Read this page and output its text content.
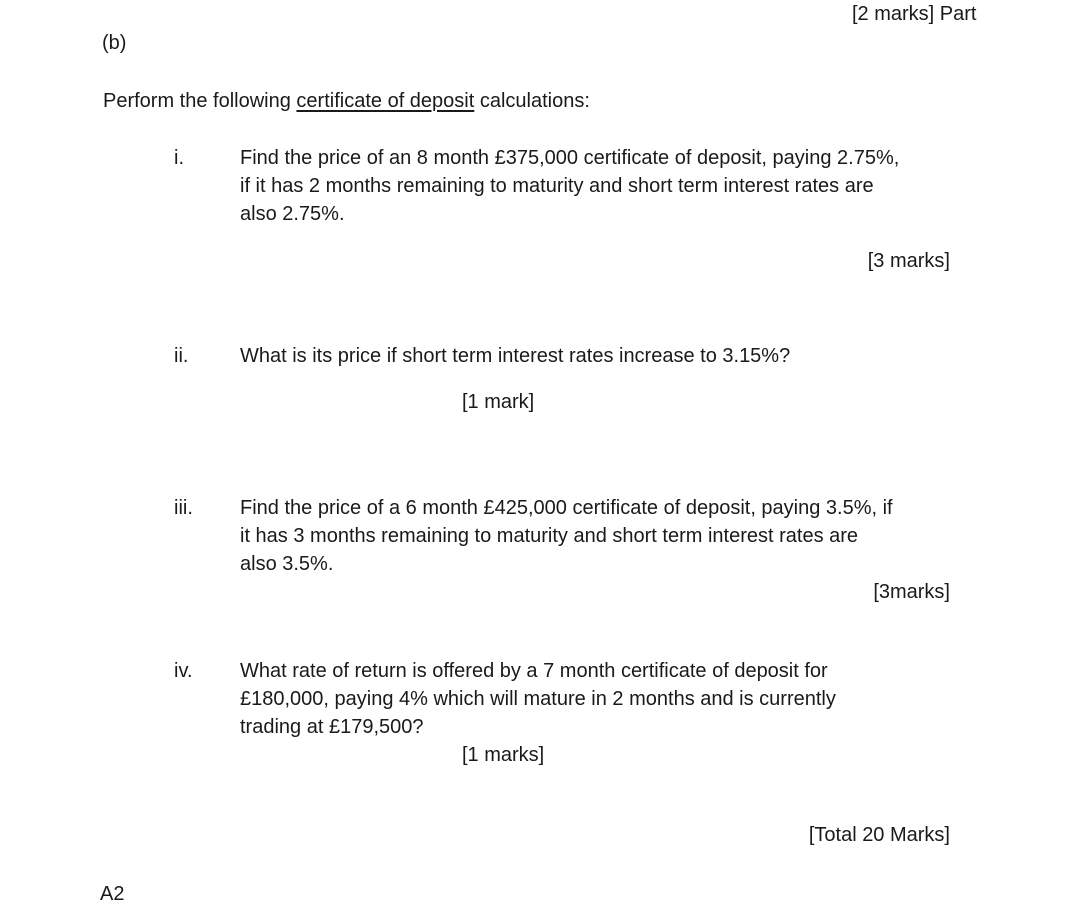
[2 marks] Part
(b)
Perform the following certificate of deposit calculations:
i.	Find the price of an 8 month £375,000 certificate of deposit, paying 2.75%,
if it has 2 months remaining to maturity and short term interest rates are
also 2.75%.
[3 marks]
ii.	What is its price if short term interest rates increase to 3.15%?
[1 mark]
iii. Find the price of a 6 month £425,000 certificate of deposit, paying 3.5%, if
it has 3 months remaining to maturity and short term interest rates are
also 3.5%.
[3marks]
iv. What rate of return is offered by a 7 month certificate of deposit for
£180,000, paying 4% which will mature in 2 months and is currently
trading at £179,500?
[1 marks]
[Total 20 Marks]
A2
